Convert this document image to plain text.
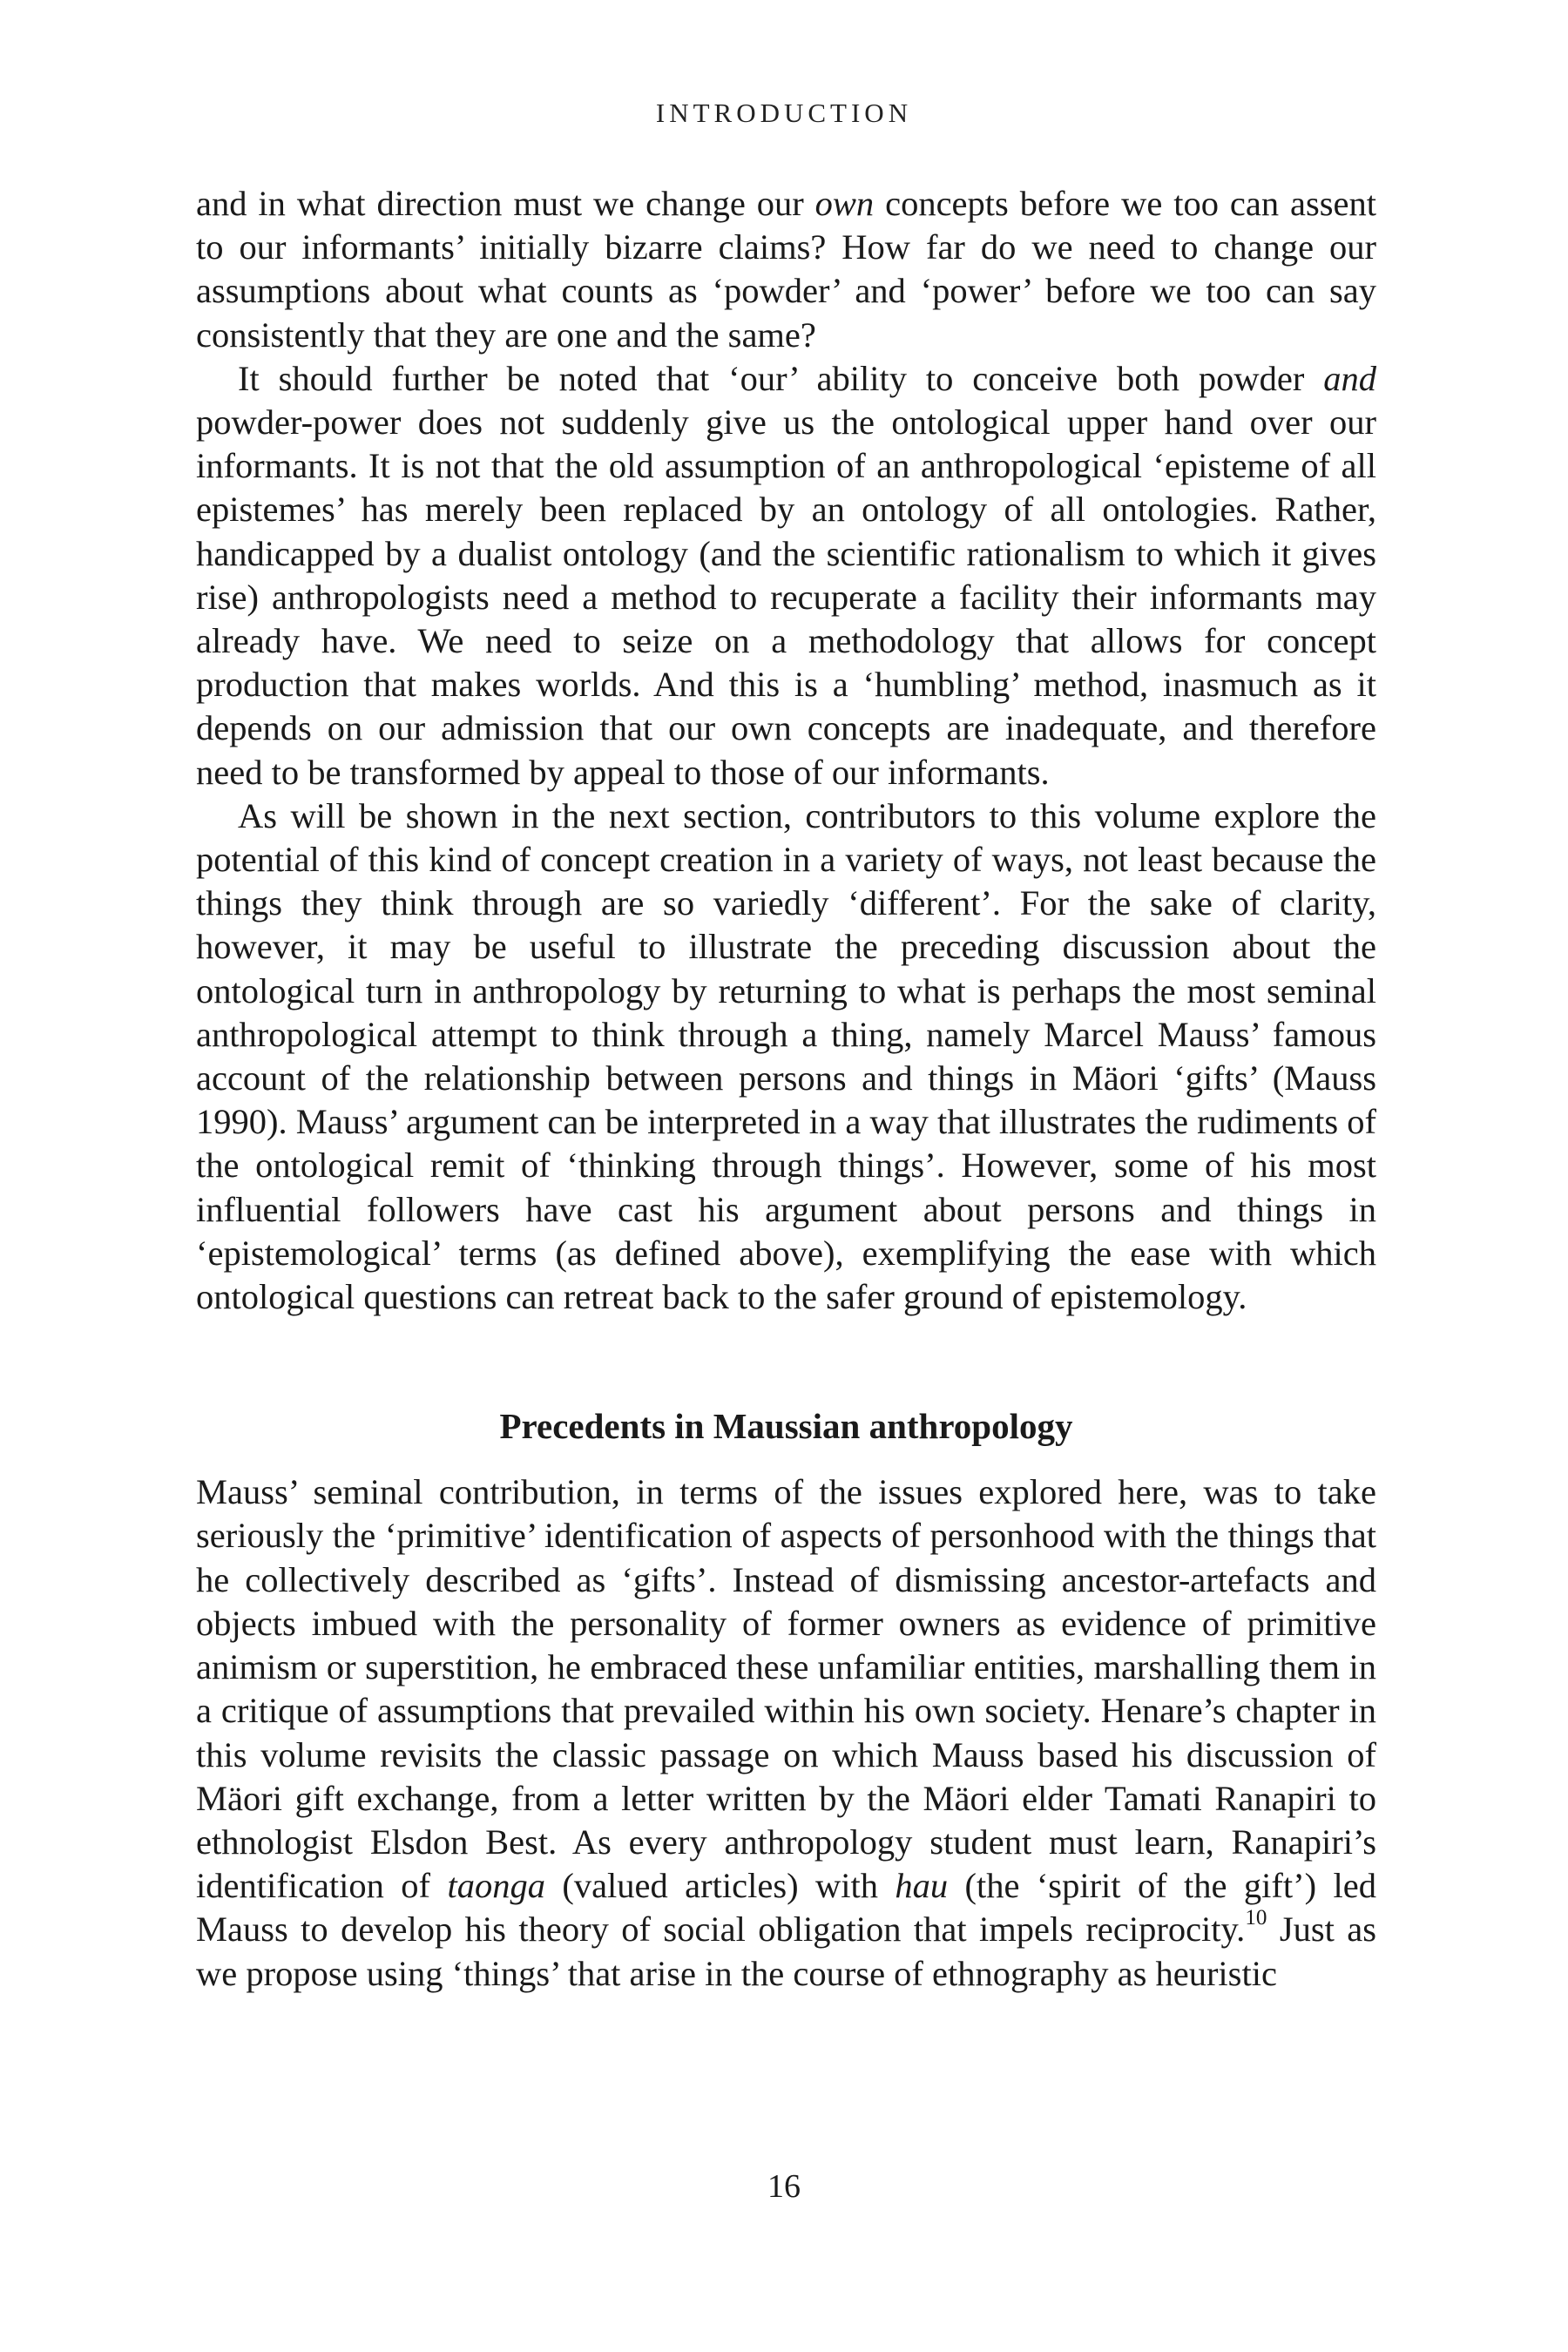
INTRODUCTION

and in what direction must we change our own concepts before we too can assent to our informants’ initially bizarre claims? How far do we need to change our assumptions about what counts as ‘powder’ and ‘power’ before we too can say consistently that they are one and the same?

It should further be noted that ‘our’ ability to conceive both powder and powder-power does not suddenly give us the ontological upper hand over our informants. It is not that the old assumption of an anthropological ‘episteme of all epistemes’ has merely been replaced by an ontology of all ontologies. Rather, handicapped by a dualist ontology (and the scientific rationalism to which it gives rise) anthropologists need a method to recuperate a facility their informants may already have. We need to seize on a methodology that allows for concept production that makes worlds. And this is a ‘humbling’ method, inasmuch as it depends on our admission that our own concepts are inadequate, and therefore need to be transformed by appeal to those of our informants.

As will be shown in the next section, contributors to this volume explore the potential of this kind of concept creation in a variety of ways, not least because the things they think through are so variedly ‘different’. For the sake of clarity, however, it may be useful to illustrate the preceding discussion about the ontological turn in anthropology by returning to what is perhaps the most seminal anthropological attempt to think through a thing, namely Marcel Mauss’ famous account of the relationship between persons and things in Mäori ‘gifts’ (Mauss 1990). Mauss’ argument can be interpreted in a way that illustrates the rudiments of the ontological remit of ‘thinking through things’. However, some of his most influential followers have cast his argument about persons and things in ‘epistemological’ terms (as defined above), exemplifying the ease with which ontological questions can retreat back to the safer ground of epistemology.

Precedents in Maussian anthropology

Mauss’ seminal contribution, in terms of the issues explored here, was to take seriously the ‘primitive’ identification of aspects of personhood with the things that he collectively described as ‘gifts’. Instead of dismissing ancestor-artefacts and objects imbued with the personality of former owners as evidence of primitive animism or superstition, he embraced these unfamiliar entities, marshalling them in a critique of assumptions that prevailed within his own society. Henare’s chapter in this volume revisits the classic passage on which Mauss based his discussion of Mäori gift exchange, from a letter written by the Mäori elder Tamati Ranapiri to ethnologist Elsdon Best. As every anthropology student must learn, Ranapiri’s identification of taonga (valued articles) with hau (the ‘spirit of the gift’) led Mauss to develop his theory of social obligation that impels reciprocity.$^{10}$ Just as we propose using ‘things’ that arise in the course of ethnography as heuristic

16
